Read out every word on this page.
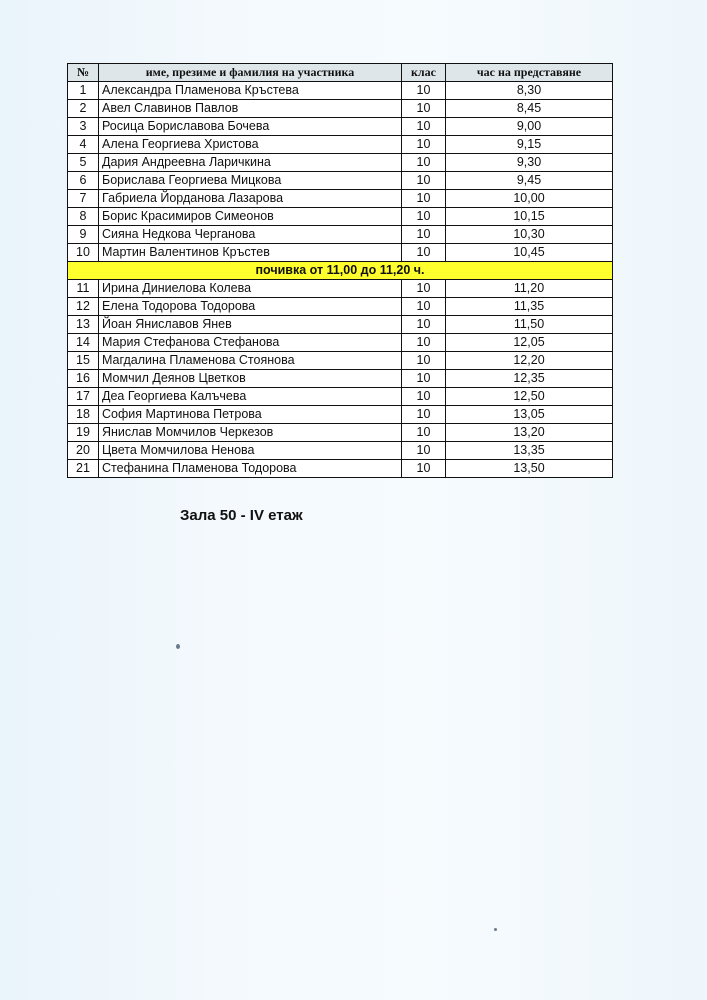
№	име, презиме и фамилия на участника	клас	час на представяне
1	Александра Пламенова Кръстева	10	8,30
2	Авел Славинов Павлов	10	8,45
3	Росица Бориславова Бочева	10	9,00
4	Алена Георгиева Христова	10	9,15
5	Дария Андреевна Ларичкина	10	9,30
6	Борислава Георгиева Мицкова	10	9,45
7	Габриела Йорданова Лазарова	10	10,00
8	Борис Красимиров Симеонов	10	10,15
9	Сияна Недкова Черганова	10	10,30
10	Мартин Валентинов Кръстев	10	10,45
почивка от 11,00 до 11,20 ч.			
11	Ирина Диниелова Колева	10	11,20
12	Елена Тодорова Тодорова	10	11,35
13	Йоан Яниславов Янев	10	11,50
14	Мария Стефанова Стефанова	10	12,05
15	Магдалина Пламенова Стоянова	10	12,20
16	Момчил Деянов Цветков	10	12,35
17	Деа Георгиева Калъчева	10	12,50
18	София Мартинова Петрова	10	13,05
19	Янислав Момчилов Черкезов	10	13,20
20	Цвета Момчилова Ненова	10	13,35
21	Стефанина Пламенова Тодорова	10	13,50
Зала 50 - IV етаж
